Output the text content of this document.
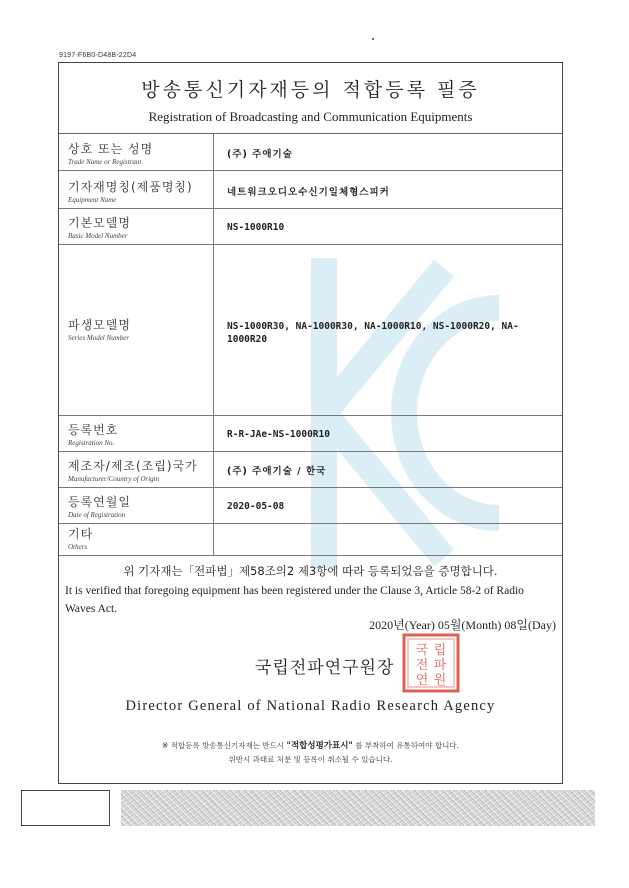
9197-F6B0-D48B-22D4
방송통신기자재등의 적합등록 필증
Registration of Broadcasting and Communication Equipments
상호 또는 성명
Trade Name or Registrant
(주) 주애기술
기자재명칭(제품명칭)
Equipment Name
네트워크오디오수신기일체형스피커
기본모델명
Basic Model Number
NS-1000R10
파생모델명
Series Model Number
NS-1000R30, NA-1000R30, NA-1000R10, NS-1000R20, NA-1000R20
등록번호
Registration No.
R-R-JAe-NS-1000R10
제조자/제조(조립)국가
Manufacturer/Country of Origin
(주) 주애기술 / 한국
등록연월일
Date of Registration
2020-05-08
기타
Others
위 기자재는「전파법」제58조의2 제3항에 따라 등록되었음을 증명합니다.
It is verified that foregoing equipment has been registered under the Clause 3, Article 58-2 of Radio Waves Act.
2020년(Year) 05월(Month) 08일(Day)
국립전파연구원장
국 립
전 파
연 원
Director General of National Radio Research Agency
※ 적합등록 방송통신기자재는 반드시 "적합성평가표시" 를 부착하여 유통하여야 합니다.
위반시 과태료 처분 및 등록이 취소될 수 있습니다.
